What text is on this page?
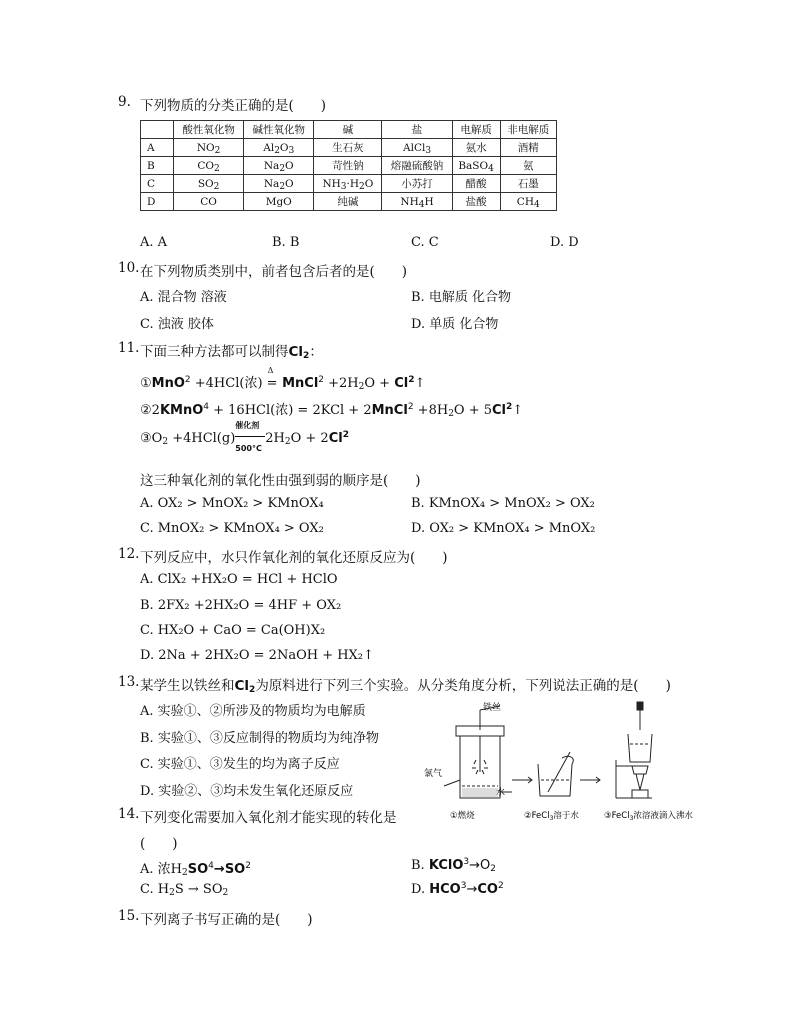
9. 下列物质的分类正确的是(　　)
	酸性氧化物	碱性氧化物	碱	盐	电解质	非电解质
A	$NO_2$	$Al_2O_3$	生石灰	AlCl$_3$	氨水	酒精
B	$CO_2$	$Na_2O$	苛性钠	熔融硫酸钠	BaSO$_4$	氨
C	$SO_2$	$Na_2O$	$NH_3\cdot H_2O$	小苏打	醋酸	石墨
D	CO	MgO	纯碱	$NH_4H$	盐酸	$CH_4$
A. A	B. B	C. C	D. D
10. 在下列物质类别中，前者包含后者的是(　　)
A. 混合物 溶液	B. 电解质 化合物
C. 浊液 胶体	D. 单质 化合物
11. 下面三种方法都可以制得$Cl_2$：
①MnO$^2$ +4HCl(浓)
Δ
= MnCl$^2$ $+2H_2O$ + $Cl^2↑$
②2KMnO$^4$ + 16HCl(浓) = 2KCl + 2MnCl$^2$ $+8H_2O$ + $5Cl^2↑$
$③O_2 +4HCl(g)$
催化剂
500°C
$2H_2O + 2Cl^2$
这三种氧化剂的氧化性由强到弱的顺序是(　　)
A. OX₂ > MnOX₂ > KMnOX₄	B. KMnOX₄ > MnOX₂ > OX₂
C. MnOX₂ > KMnOX₄ > OX₂	D. OX₂ > KMnOX₄ > MnOX₂
12. 下列反应中，水只作氧化剂的氧化还原反应为(　　)
A. ClX₂ +HX₂O = HCl + HClO
B. 2FX₂ +2HX₂O = 4HF + OX₂
C. HX₂O + CaO = Ca(OH)X₂
D. 2Na + 2HX₂O = 2NaOH + HX₂↑
13. 某学生以铁丝和$Cl_2$为原料进行下列三个实验。从分类角度分析，下列说法正确的是(　　)
A. 实验①、②所涉及的物质均为电解质
B. 实验①、③反应制得的物质均为纯净物
C. 实验①、③发生的均为离子反应
D. 实验②、③均未发生氧化还原反应
铁丝
氯气
水
①燃烧	②FeCl$_3$溶于水	③FeCl$_3$浓溶液滴入沸水
14. 下列变化需要加入氧化剂才能实现的转化是
(　　)
A. 浓$H_2SO^4\to SO^2$	B. $KClO^3\to O_2$
C. $H_2S \to SO_2$	D. $HCO^3\to CO^2$
15. 下列离子书写正确的是(　　)
